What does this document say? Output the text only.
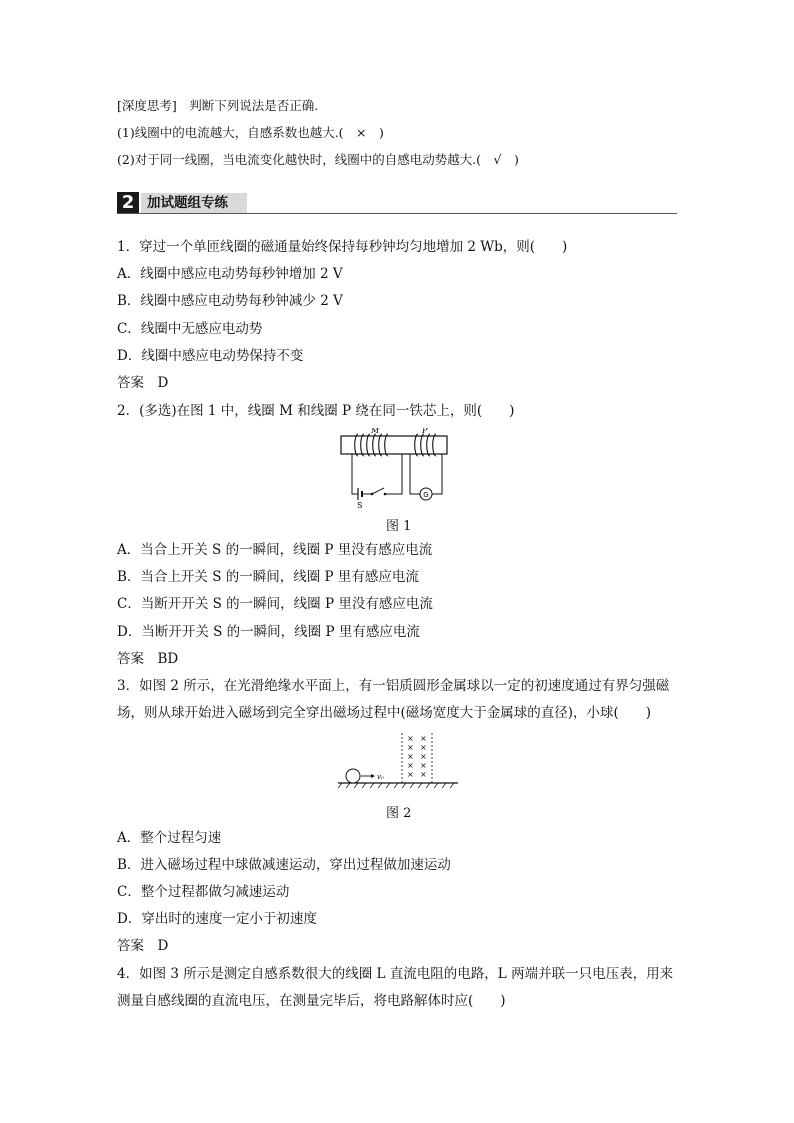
[深度思考]　判断下列说法是否正确.
(1)线圈中的电流越大，自感系数也越大.(　×　)
(2)对于同一线圈，当电流变化越快时，线圈中的自感电动势越大.(　√　)
2 加试题组专练
1．穿过一个单匝线圈的磁通量始终保持每秒钟均匀地增加 2 Wb，则(　　)
A．线圈中感应电动势每秒钟增加 2 V
B．线圈中感应电动势每秒钟减少 2 V
C．线圈中无感应电动势
D．线圈中感应电动势保持不变
答案　D
2．(多选)在图 1 中，线圈 M 和线圈 P 绕在同一铁芯上，则(　　)
G
M	P
S
图 1
A．当合上开关 S 的一瞬间，线圈 P 里没有感应电流
B．当合上开关 S 的一瞬间，线圈 P 里有感应电流
C．当断开开关 S 的一瞬间，线圈 P 里没有感应电流
D．当断开开关 S 的一瞬间，线圈 P 里有感应电流
答案　BD
3．如图 2 所示，在光滑绝缘水平面上，有一铝质圆形金属球以一定的初速度通过有界匀强磁
场，则从球开始进入磁场到完全穿出磁场过程中(磁场宽度大于金属球的直径)，小球(　　)
v₀
× ×
× ×
× ×
× ×
× ×
图 2
A．整个过程匀速
B．进入磁场过程中球做减速运动，穿出过程做加速运动
C．整个过程都做匀减速运动
D．穿出时的速度一定小于初速度
答案　D
4．如图 3 所示是测定自感系数很大的线圈 L 直流电阻的电路，L 两端并联一只电压表，用来
测量自感线圈的直流电压，在测量完毕后，将电路解体时应(　　)
